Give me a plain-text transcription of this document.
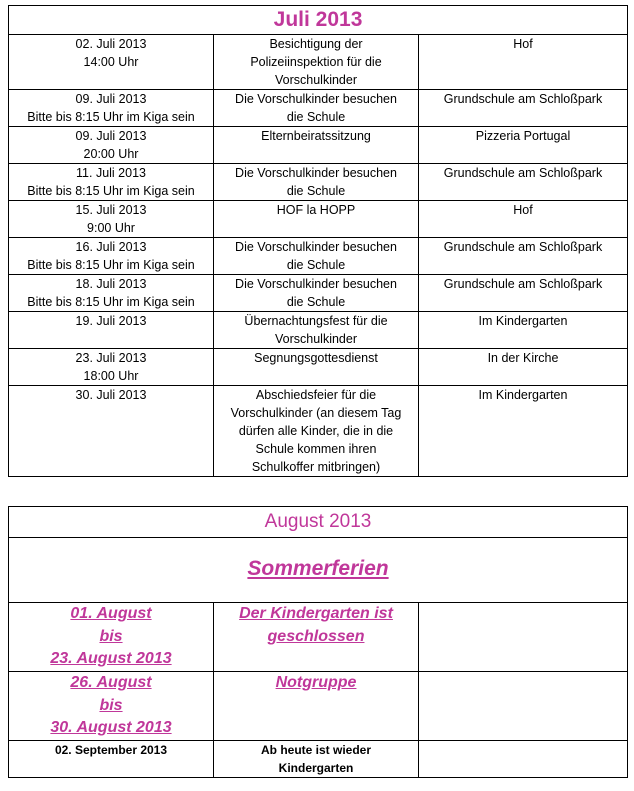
Juli 2013		

02. Juli 2013
14:00 Uhr	Besichtigung der
Polizeiinspektion für die
Vorschulkinder	Hof

09. Juli 2013
Bitte bis 8:15 Uhr im Kiga sein	Die Vorschulkinder besuchen
die Schule	Grundschule am Schloßpark

09. Juli 2013
20:00 Uhr	Elternbeiratssitzung	Pizzeria Portugal

11. Juli 2013
Bitte bis 8:15 Uhr im Kiga sein	Die Vorschulkinder besuchen
die Schule	Grundschule am Schloßpark

15. Juli 2013
9:00 Uhr	HOF la HOPP	Hof

16. Juli 2013
Bitte bis 8:15 Uhr im Kiga sein	Die Vorschulkinder besuchen
die Schule	Grundschule am Schloßpark

18. Juli 2013
Bitte bis 8:15 Uhr im Kiga sein	Die Vorschulkinder besuchen
die Schule	Grundschule am Schloßpark

19. Juli 2013	Übernachtungsfest für die
Vorschulkinder	Im Kindergarten

23. Juli 2013
18:00 Uhr	Segnungsgottesdienst	In der Kirche

30. Juli 2013	Abschiedsfeier für die
Vorschulkinder (an diesem Tag
dürfen alle Kinder, die in die
Schule kommen ihren
Schulkoffer mitbringen)	Im Kindergarten
August 2013		
Sommerferien		

01. August
bis
23. August 2013	Der Kindergarten ist
geschlossen	

26. August
bis
30. August 2013	Notgruppe	

02. September 2013	Ab heute ist wieder
Kindergarten	
